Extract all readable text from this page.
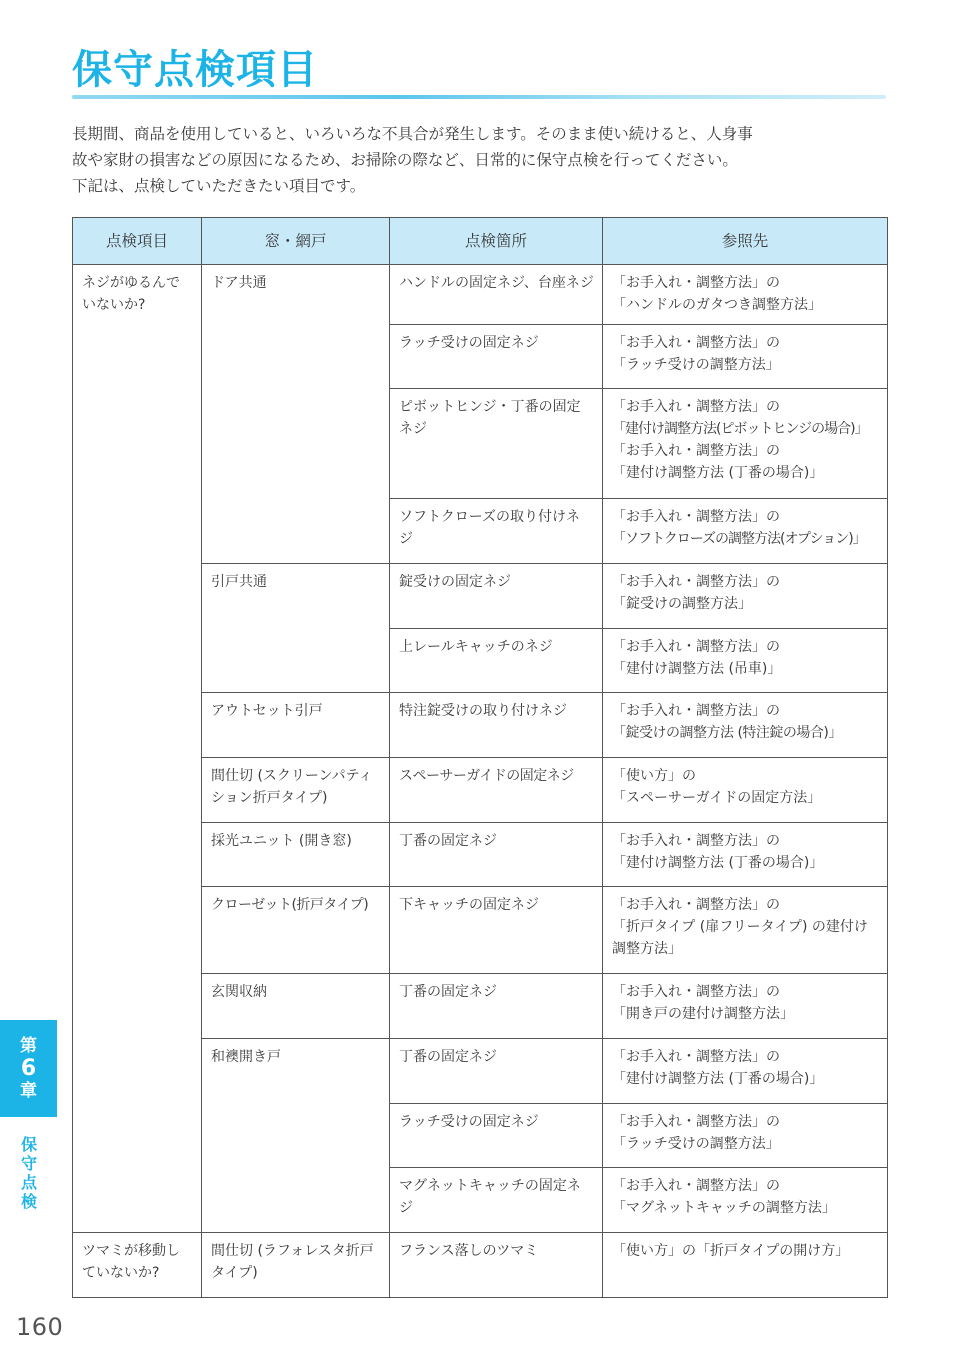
保守点検項目

長期間、商品を使用していると、いろいろな不具合が発生します。そのまま使い続けると、人身事

故や家財の損害などの原因になるため、お掃除の際など、日常的に保守点検を行ってください。

下記は、点検していただきたい項目です。

点検項目	窓・網戸	点検箇所	参照先
ネジがゆるんでいないか?	ドア共通	ハンドルの固定ネジ、台座ネジ	「お手入れ・調整方法」の
「ハンドルのガタつき調整方法」

		ラッチ受けの固定ネジ	「お手入れ・調整方法」の
「ラッチ受けの調整方法」

		ピボットヒンジ・丁番の固定ネジ	「お手入れ・調整方法」の
「建付け調整方法(ピボットヒンジの場合)」
「お手入れ・調整方法」の
「建付け調整方法 (丁番の場合)」

		ソフトクローズの取り付けネジ	「お手入れ・調整方法」の
「ソフトクローズの調整方法(オプション)」

	引戸共通	錠受けの固定ネジ	「お手入れ・調整方法」の
「錠受けの調整方法」

		上レールキャッチのネジ	「お手入れ・調整方法」の
「建付け調整方法 (吊車)」

	アウトセット引戸	特注錠受けの取り付けネジ	「お手入れ・調整方法」の
「錠受けの調整方法 (特注錠の場合)」

	間仕切 (スクリーンパティション折戸タイプ)	スペーサーガイドの固定ネジ	「使い方」の
「スペーサーガイドの固定方法」

	採光ユニット (開き窓)	丁番の固定ネジ	「お手入れ・調整方法」の
「建付け調整方法 (丁番の場合)」

	クローゼット(折戸タイプ)	下キャッチの固定ネジ	「お手入れ・調整方法」の
「折戸タイプ (扉フリータイプ) の建付け調整方法」

	玄関収納	丁番の固定ネジ	「お手入れ・調整方法」の
「開き戸の建付け調整方法」

	和襖開き戸	丁番の固定ネジ	「お手入れ・調整方法」の
「建付け調整方法 (丁番の場合)」

		ラッチ受けの固定ネジ	「お手入れ・調整方法」の
「ラッチ受けの調整方法」

		マグネットキャッチの固定ネジ	「お手入れ・調整方法」の
「マグネットキャッチの調整方法」

ツマミが移動していないか?	間仕切 (ラフォレスタ折戸タイプ)	フランス落しのツマミ	「使い方」の「折戸タイプの開け方」
第
6
章
保
守
点
検
160
